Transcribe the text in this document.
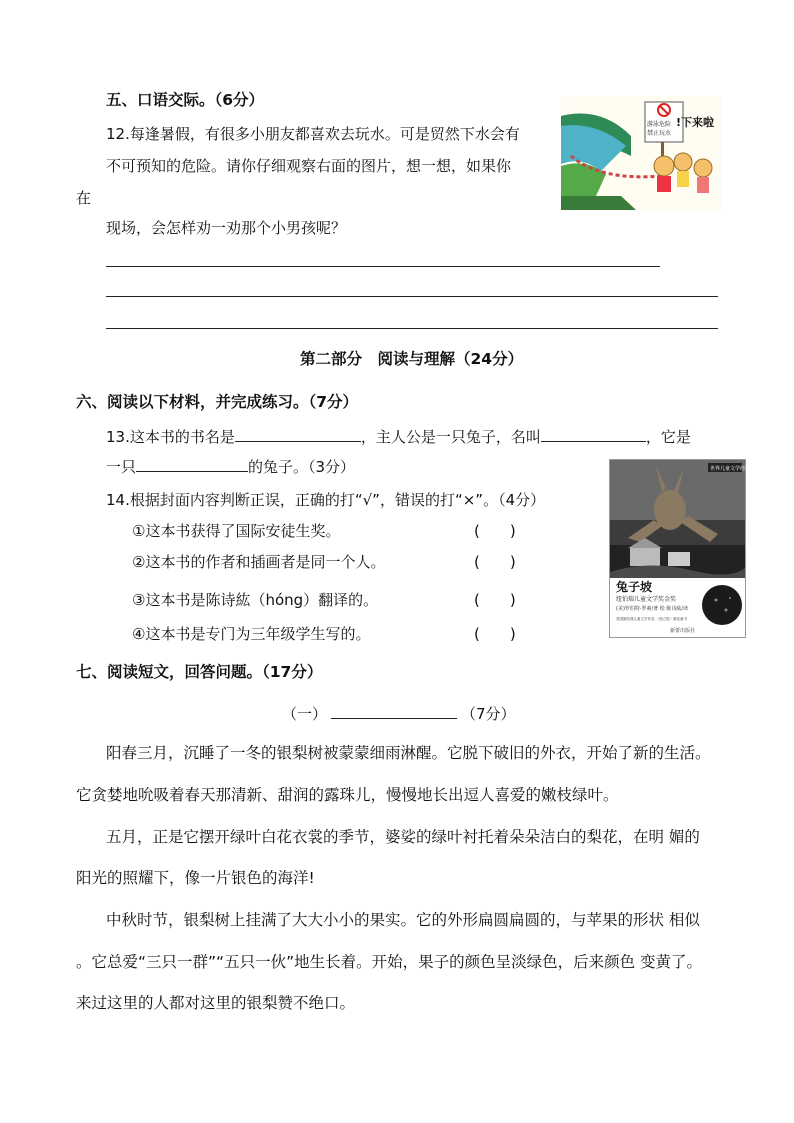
五、口语交际。（6分）
12.每逢暑假，有很多小朋友都喜欢去玩水。可是贸然下水会有
不可预知的危险。请你仔细观察右面的图片，想一想，如果你
在
现场，会怎样劝一劝那个小男孩呢？
游泳危险
禁止玩水
!下来啦
第二部分　阅读与理解（24分）
六、阅读以下材料，并完成练习。（7分）
13.这本书的书名是	，主人公是一只兔子，名叫	，它是
一只	的兔子。（3分）
14.根据封面内容判断正误，正确的打“√”，错误的打“×”。（4分）
①这本书获得了国际安徒生奖。	(　　)
②这本书的作者和插画者是同一个人。	(　　)
③这本书是陈诗紘（hóng）翻译的。	(　　)
④这本书是专门为三年级学生写的。	(　　)
世界儿童文学经典
兔子坡
纽伯瑞儿童文学奖金奖
(美)罗伯特·罗素/著 绘 陈诗紘/译
美国最经典儿童文学作品 《独立报》最佳童书
新蕾出版社
七、阅读短文，回答问题。（17分）
（一）	（7分）
阳春三月，沉睡了一冬的银梨树被蒙蒙细雨淋醒。它脱下破旧的外衣，开始了新的生活。
它贪婪地吮吸着春天那清新、甜润的露珠儿，慢慢地长出逗人喜爱的嫩枝绿叶。
五月，正是它摆开绿叶白花衣裳的季节，婆娑的绿叶衬托着朵朵洁白的梨花，在明 媚的
阳光的照耀下，像一片银色的海洋!
中秋时节，银梨树上挂满了大大小小的果实。它的外形扁圆扁圆的，与苹果的形状 相似
。它总爱“三只一群”“五只一伙”地生长着。开始，果子的颜色呈淡绿色，后来颜色 变黄了。
来过这里的人都对这里的银梨赞不绝口。
